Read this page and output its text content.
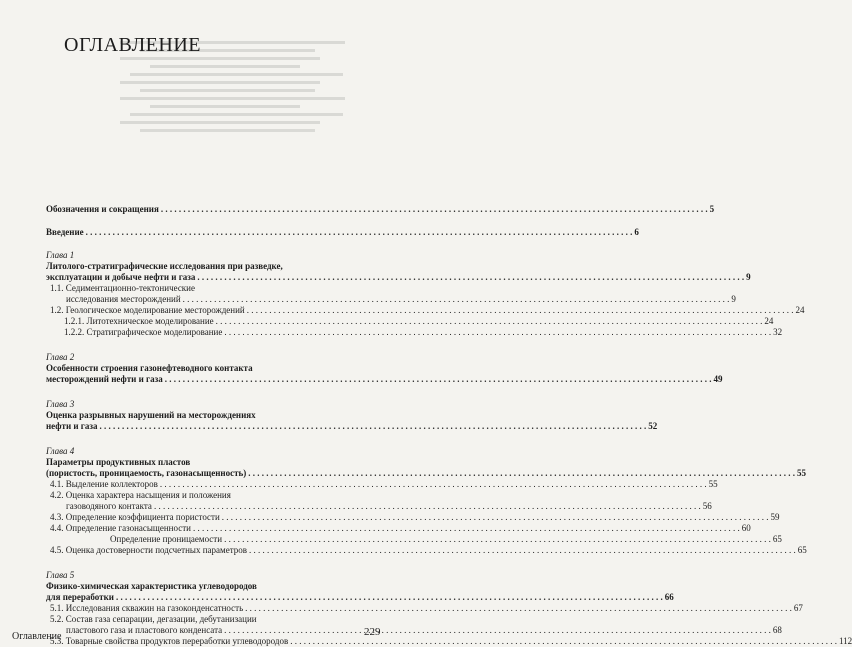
ОГЛАВЛЕНИЕ
Обозначения и сокращения . . .	5
Введение . . .	6
Глава 1
Литолого-стратиграфические исследования при разведке,
эксплуатации и добыче нефти и газа . . .	9
1.1. Седиментационно-тектонические
исследования месторождений . . .	9
1.2. Геологическое моделирование месторождений . . .	24
1.2.1. Литотехническое моделирование . . .	24
1.2.2. Стратиграфическое моделирование . . .	32
Глава 2
Особенности строения газонефтеводного контакта
месторождений нефти и газа . . .	49
Глава 3
Оценка разрывных нарушений на месторождениях
нефти и газа . . .	52
Глава 4
Параметры продуктивных пластов
(пористость, проницаемость, газонасыщенность) . . .	55
4.1. Выделение коллекторов . . .	55
4.2. Оценка характера насыщения и положения
газоводяного контакта . . .	56
4.3. Определение коэффициента пористости . . .	59
4.4. Определение газонасыщенности . . .	60
Определение проницаемости . . .	65
4.5. Оценка достоверности подсчетных параметров . . .	65
Глава 5
Физико-химическая характеристика углеводородов
для переработки . . .	66
5.1. Исследования скважин на газоконденсатность . . .	67
5.2. Состав газа сепарации, дегазации, дебутанизации
пластового газа и пластового конденсата . . .	68
5.3. Товарные свойства продуктов переработки углеводородов . . .	112
Оглавление	229
